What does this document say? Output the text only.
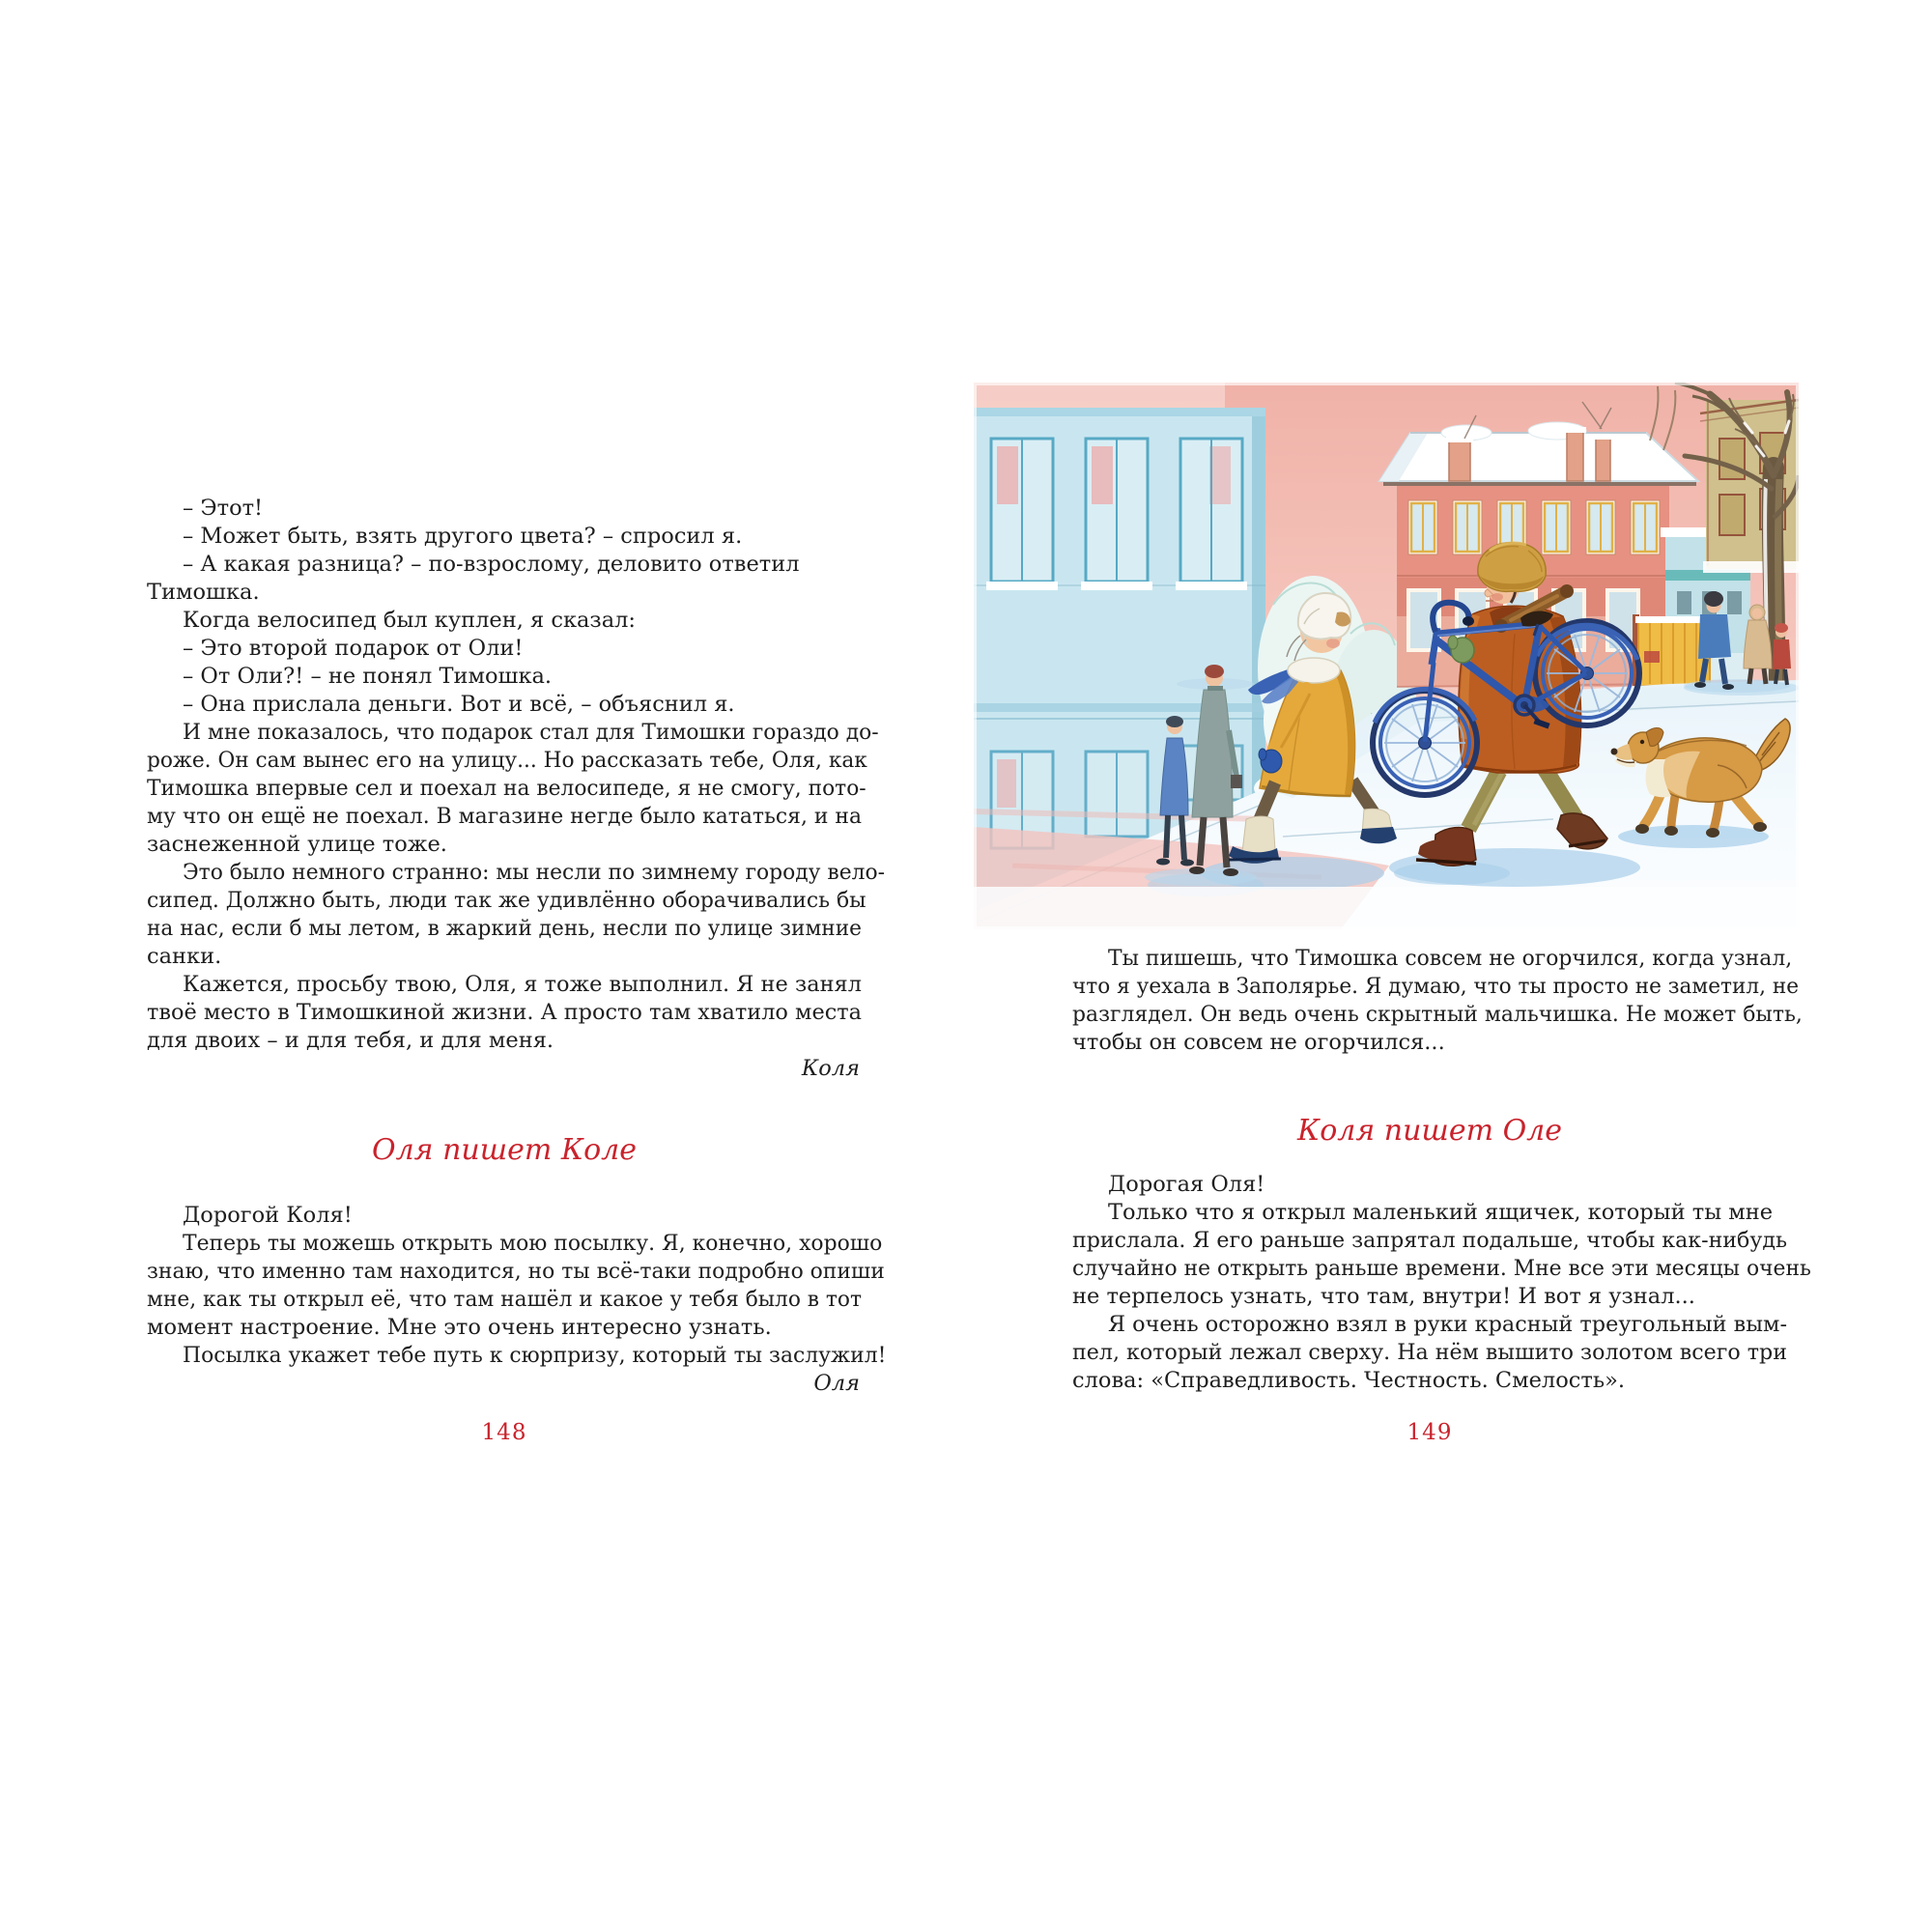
– Этот!
– Может быть, взять другого цвета? – спросил я.
– А какая разница? – по-взрослому, деловито ответил
Тимошка.
Когда велосипед был куплен, я сказал:
– Это второй подарок от Оли!
– От Оли?! – не понял Тимошка.
– Она прислала деньги. Вот и всё, – объяснил я.
И мне показалось, что подарок стал для Тимошки гораздо до-
роже. Он сам вынес его на улицу... Но рассказать тебе, Оля, как
Тимошка впервые сел и поехал на велосипеде, я не смогу, пото-
му что он ещё не поехал. В магазине негде было кататься, и на
заснеженной улице тоже.
Это было немного странно: мы несли по зимнему городу вело-
сипед. Должно быть, люди так же удивлённо оборачивались бы
на нас, если б мы летом, в жаркий день, несли по улице зимние
санки.
Кажется, просьбу твою, Оля, я тоже выполнил. Я не занял
твоё место в Тимошкиной жизни. А просто там хватило места
для двоих – и для тебя, и для меня.
Коля
Оля пишет Коле
Дорогой Коля!
Теперь ты можешь открыть мою посылку. Я, конечно, хорошо
знаю, что именно там находится, но ты всё-таки подробно опиши
мне, как ты открыл её, что там нашёл и какое у тебя было в тот
момент настроение. Мне это очень интересно узнать.
Посылка укажет тебе путь к сюрпризу, который ты заслужил!
Оля
148
Ты пишешь, что Тимошка совсем не огорчился, когда узнал,
что я уехала в Заполярье. Я думаю, что ты просто не заметил, не
разглядел. Он ведь очень скрытный мальчишка. Не может быть,
чтобы он совсем не огорчился...
Коля пишет Оле
Дорогая Оля!
Только что я открыл маленький ящичек, который ты мне
прислала. Я его раньше запрятал подальше, чтобы как-нибудь
случайно не открыть раньше времени. Мне все эти месяцы очень
не терпелось узнать, что там, внутри! И вот я узнал...
Я очень осторожно взял в руки красный треугольный вым-
пел, который лежал сверху. На нём вышито золотом всего три
слова: «Справедливость. Честность. Смелость».
149
